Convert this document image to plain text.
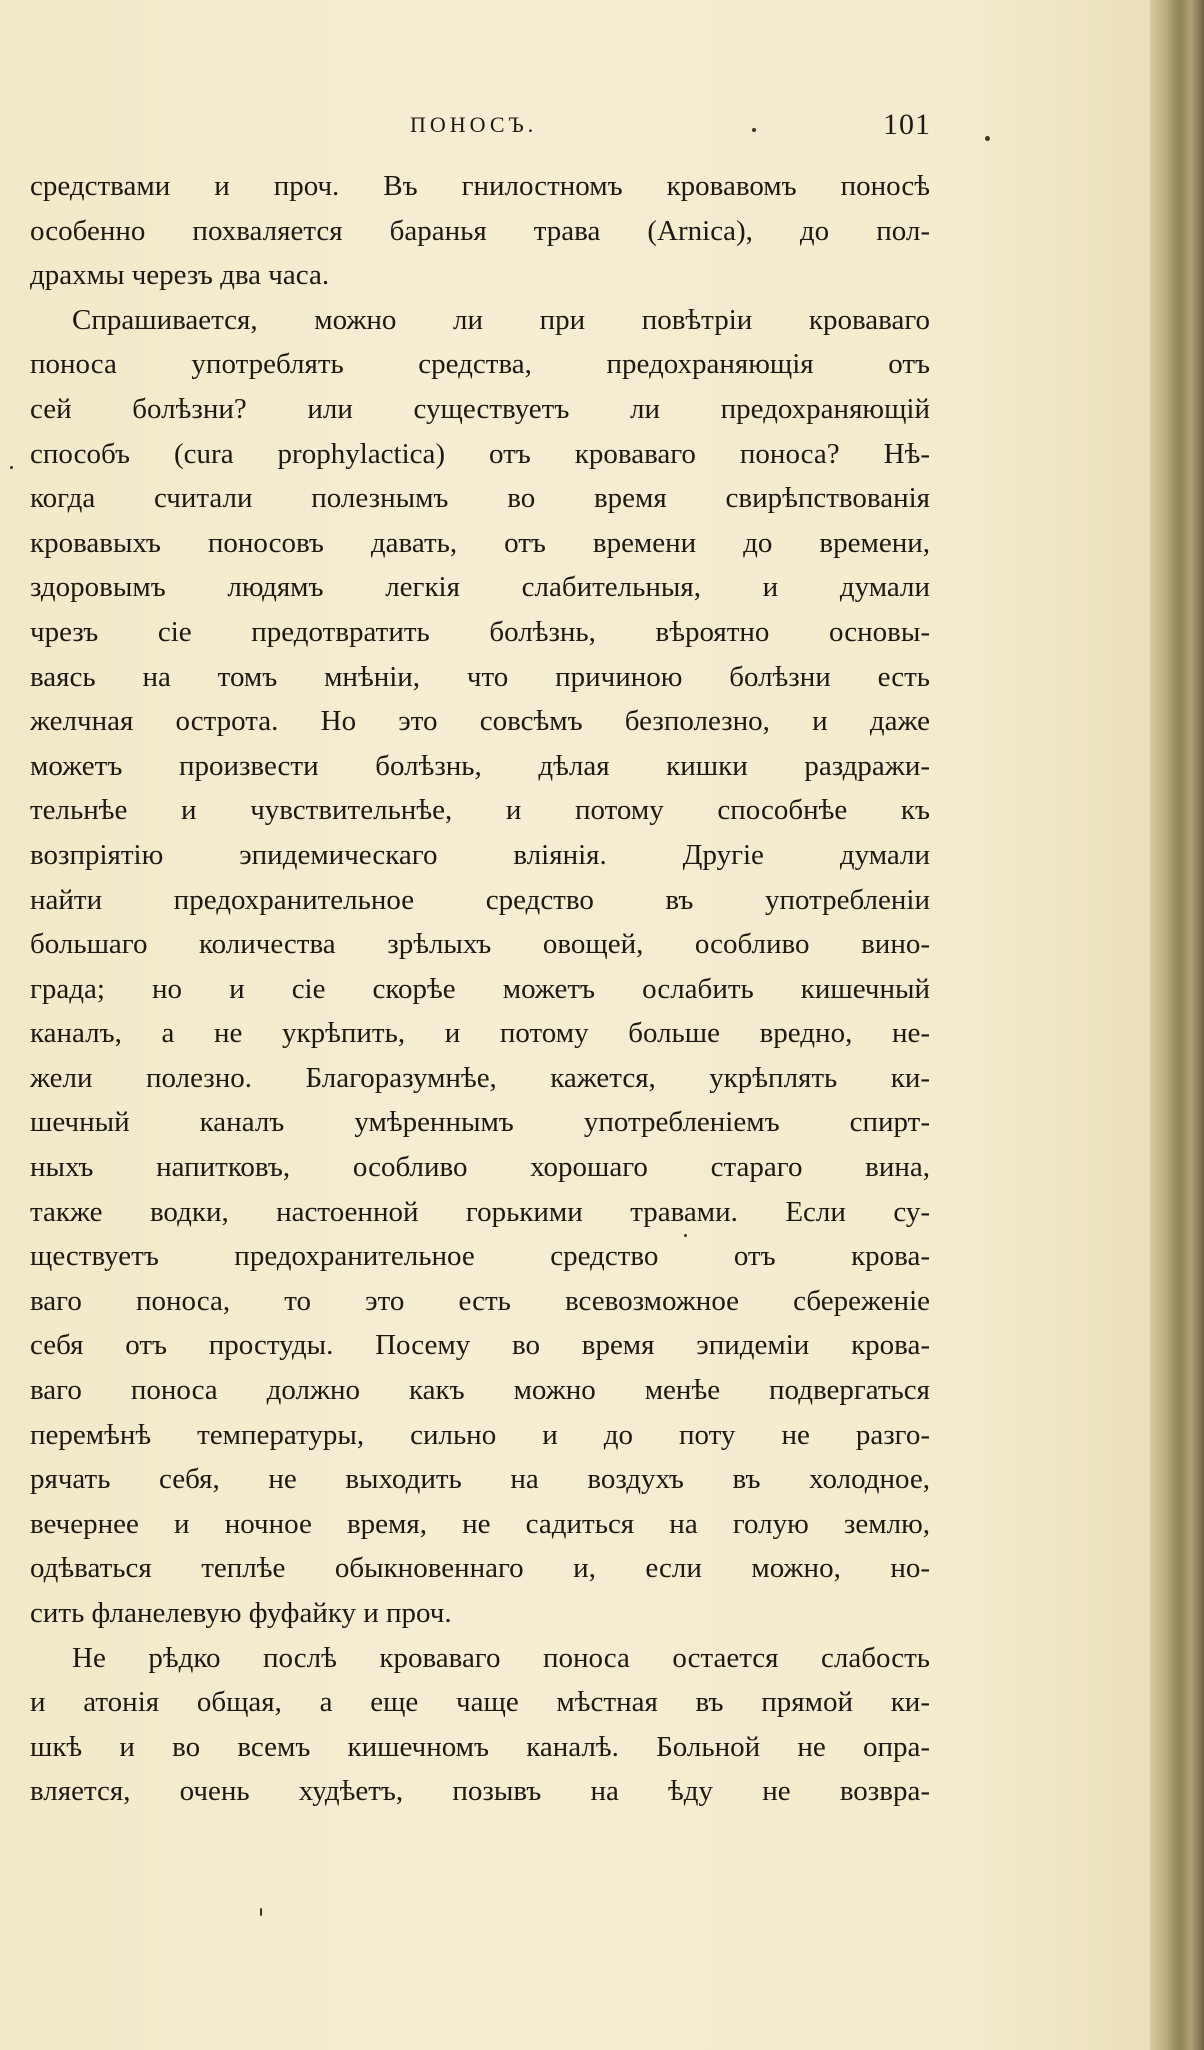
ПОНОСЪ.	101
средствами и проч. Въ гнилостномъ кровавомъ поносѣ
особенно похваляется баранья трава (Arnica), до пол-
драхмы черезъ два часа.
Спрашивается, можно ли при повѣтріи кроваваго
поноса употреблять средства, предохраняющія отъ
сей болѣзни? или существуетъ ли предохраняющій
способъ (cura prophylactica) отъ кроваваго поноса? Нѣ-
когда считали полезнымъ во время свирѣпствованія
кровавыхъ поносовъ давать, отъ времени до времени,
здоровымъ людямъ легкія слабительныя, и думали
чрезъ сіе предотвратить болѣзнь, вѣроятно основы-
ваясь на томъ мнѣніи, что причиною болѣзни есть
желчная острота. Но это совсѣмъ безполезно, и даже
можетъ произвести болѣзнь, дѣлая кишки раздражи-
тельнѣе и чувствительнѣе, и потому способнѣе къ
возпріятію эпидемическаго вліянія. Другіе думали
найти предохранительное средство въ употребленіи
большаго количества зрѣлыхъ овощей, особливо вино-
града; но и сіе скорѣе можетъ ослабить кишечный
каналъ, а не укрѣпить, и потому больше вредно, не-
жели полезно. Благоразумнѣе, кажется, укрѣплять ки-
шечный каналъ умѣреннымъ употребленіемъ спирт-
ныхъ напитковъ, особливо хорошаго стараго вина,
также водки, настоенной горькими травами. Если су-
ществуетъ предохранительное средство отъ крова-
ваго поноса, то это есть всевозможное сбереженіе
себя отъ простуды. Посему во время эпидеміи крова-
ваго поноса должно какъ можно менѣе подвергаться
перемѣнѣ температуры, сильно и до поту не разго-
рячать себя, не выходить на воздухъ въ холодное,
вечернее и ночное время, не садиться на голую землю,
одѣваться теплѣе обыкновеннаго и, если можно, но-
сить фланелевую фуфайку и проч.
Не рѣдко послѣ кроваваго поноса остается слабость
и атонія общая, а еще чаще мѣстная въ прямой ки-
шкѣ и во всемъ кишечномъ каналѣ. Больной не опра-
вляется, очень худѣетъ, позывъ на ѣду не возвра-
